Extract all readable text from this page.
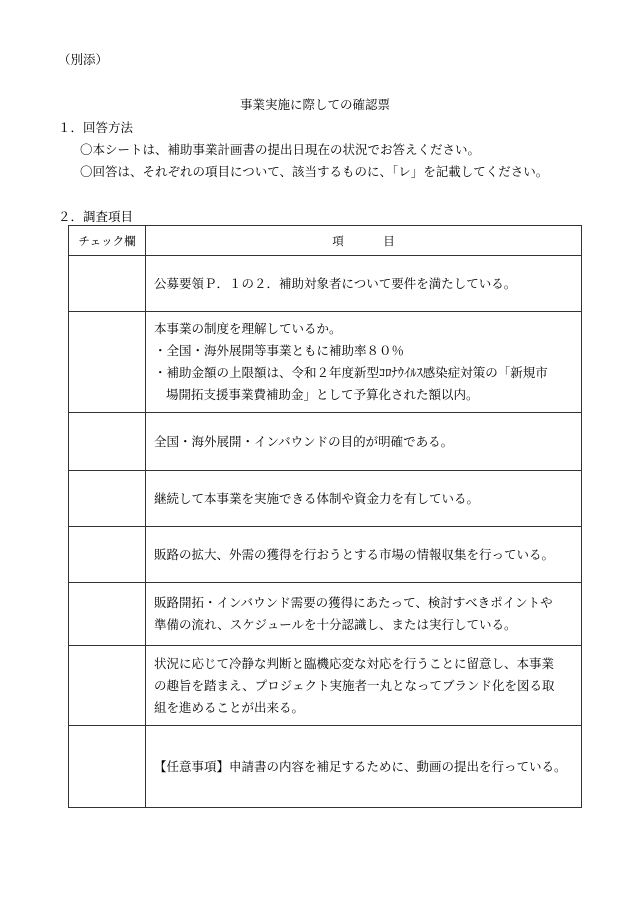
（別添）
事業実施に際しての確認票
１．回答方法
〇本シートは、補助事業計画書の提出日現在の状況でお答えください。
〇回答は、それぞれの項目について、該当するものに、「レ」を記載してください。
２．調査項目
チェック欄	項　目

	公募要領Ｐ．１の２．補助対象者について要件を満たしている。

	本事業の制度を理解しているか。
・全国・海外展開等事業ともに補助率８０％
・補助金額の上限額は、令和２年度新型ｺﾛﾅｳｲﾙｽ感染症対策の「新規市
場開拓支援事業費補助金」として予算化された額以内。

	全国・海外展開・インバウンドの目的が明確である。

	継続して本事業を実施できる体制や資金力を有している。

	販路の拡大、外需の獲得を行おうとする市場の情報収集を行っている。

	販路開拓・インバウンド需要の獲得にあたって、検討すべきポイントや
準備の流れ、スケジュールを十分認識し、または実行している。

	状況に応じて冷静な判断と臨機応変な対応を行うことに留意し、本事業
の趣旨を踏まえ、プロジェクト実施者一丸となってブランド化を図る取
組を進めることが出来る。

	【任意事項】申請書の内容を補足するために、動画の提出を行っている。
